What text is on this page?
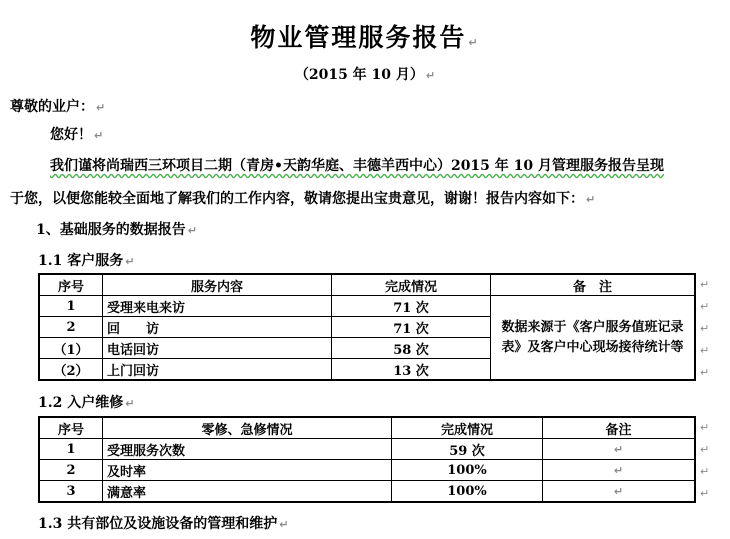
物业管理服务报告 ↵
（2015 年 10 月） ↵
尊敬的业户： ↵
您好！ ↵
我们谨将尚瑞西三环项目二期（青房•天韵华庭、丰德羊西中心）2015 年 10 月管理服务报告呈现
于您，以便您能较全面地了解我们的工作内容，敬请您提出宝贵意见，谢谢！报告内容如下： ↵
1、基础服务的数据报告 ↵
1.1 客户服务 ↵
序号	服务内容	完成情况	备　注
1	受理来电来访	71 次	数据来源于《客户服务值班记录表》及客户中心现场接待统计等
2	回　　访	71 次	
（1）	电话回访	58 次	
（2）	上门回访	13 次	
↵
↵
↵
↵
↵
1.2 入户维修 ↵
序号	零修、急修情况	完成情况	备注
1	受理服务次数	59 次	↵
2	及时率	100%	↵
3	满意率	100%	↵
↵
↵
↵
↵
1.3 共有部位及设施设备的管理和维护 ↵
